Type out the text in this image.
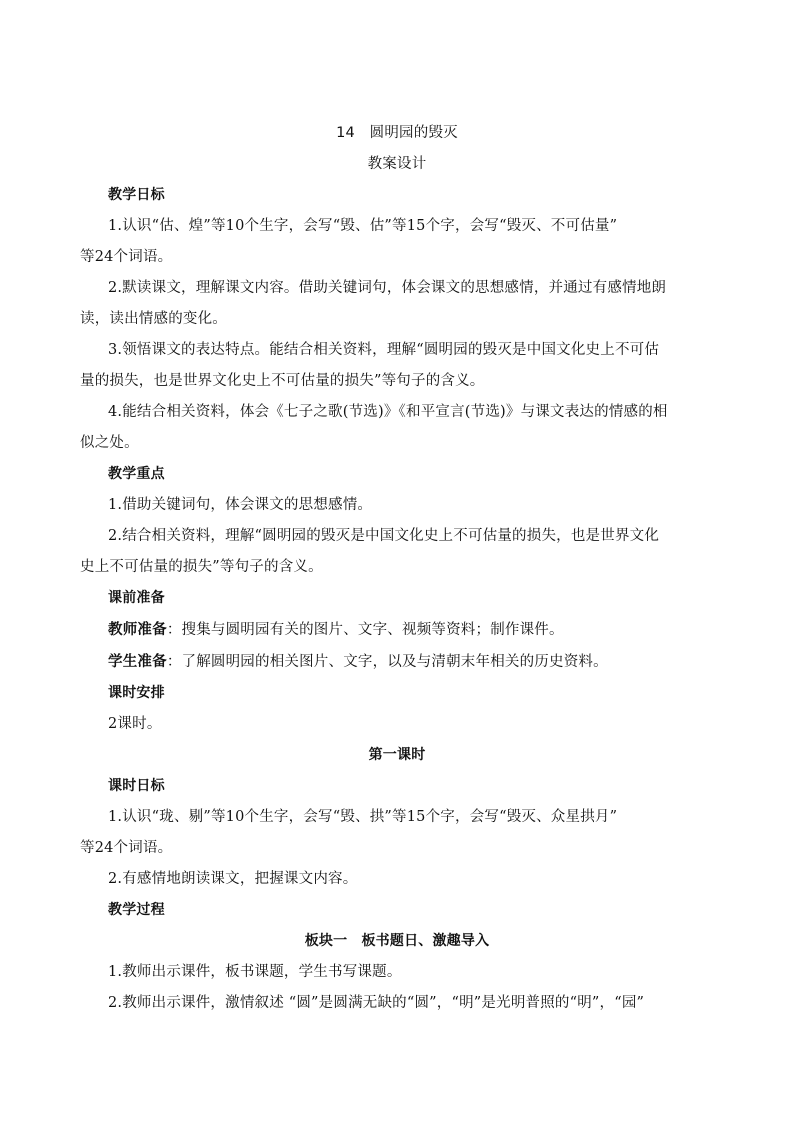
14　圆明园的毁灭
教案设计
教学日标
1.认识“估、煌”等10个生字，会写“毁、估”等15个字，会写“毁灭、不可估量”
等24个词语。
2.默读课文，理解课文内容。借助关键词句，体会课文的思想感情，并通过有感情地朗
读，读出情感的变化。
3.领悟课文的表达特点。能结合相关资料，理解“圆明园的毁灭是中国文化史上不可估
量的损失，也是世界文化史上不可估量的损失”等句子的含义。
4.能结合相关资料，体会《七子之歌(节选)》《和平宣言(节选)》与课文表达的情感的相
似之处。
教学重点
1.借助关键词句，体会课文的思想感情。
2.结合相关资料，理解“圆明园的毁灭是中国文化史上不可估量的损失，也是世界文化
史上不可估量的损失”等句子的含义。
课前准备
教师准备：搜集与圆明园有关的图片、文字、视频等资料；制作课件。
学生准备：了解圆明园的相关图片、文字，以及与清朝末年相关的历史资料。
课时安排
2课时。
第一课时
课时日标
1.认识“珑、剔”等10个生字，会写“毁、拱”等15个字，会写“毁灭、众星拱月”
等24个词语。
2.有感情地朗读课文，把握课文内容。
教学过程
板块一　板书题日、激趣导入
1.教师出示课件，板书课题，学生书写课题。
2.教师出示课件，激情叙述 “圆”是圆满无缺的“圆”，“明”是光明普照的“明”，“园”
